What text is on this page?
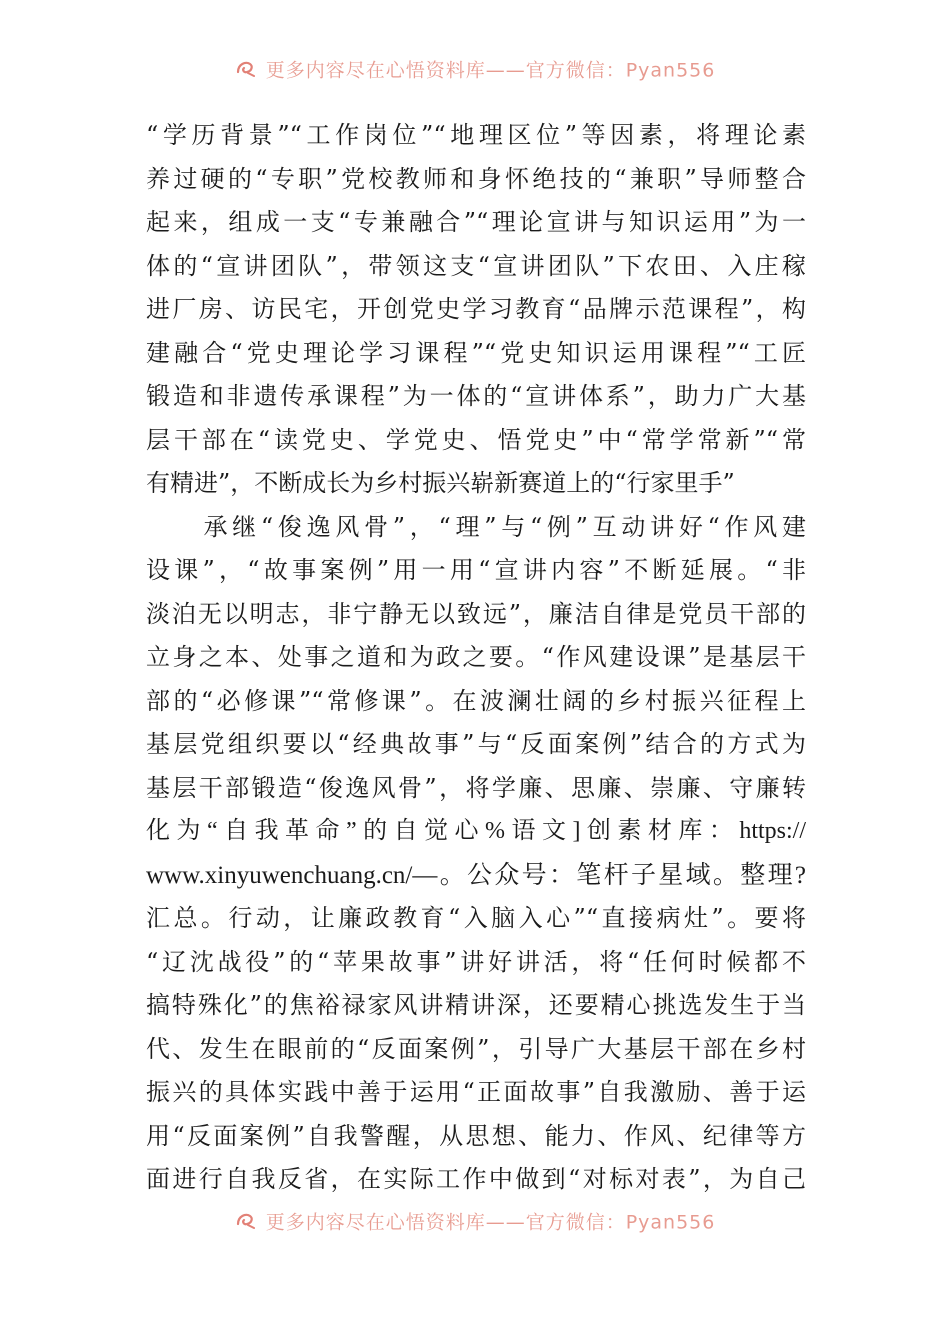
更多内容尽在心悟资料库——官方微信：Pyan556
“学历背景”“工作岗位”“地理区位”等因素，将理论素
养过硬的“专职”党校教师和身怀绝技的“兼职”导师整合
起来，组成一支“专兼融合”“理论宣讲与知识运用”为一
体的“宣讲团队”，带领这支“宣讲团队”下农田、入庄稼
进厂房、访民宅，开创党史学习教育“品牌示范课程”，构
建融合“党史理论学习课程”“党史知识运用课程”“工匠
锻造和非遗传承课程”为一体的“宣讲体系”，助力广大基
层干部在“读党史、学党史、悟党史”中“常学常新”“常
有精进”，不断成长为乡村振兴崭新赛道上的“行家里手”
　　承继“俊逸风骨”，“理”与“例”互动讲好“作风建
设课”，“故事案例”用一用“宣讲内容”不断延展。“非
淡泊无以明志，非宁静无以致远”，廉洁自律是党员干部的
立身之本、处事之道和为政之要。“作风建设课”是基层干
部的“必修课”“常修课”。在波澜壮阔的乡村振兴征程上
基层党组织要以“经典故事”与“反面案例”结合的方式为
基层干部锻造“俊逸风骨”，将学廉、思廉、崇廉、守廉转
化为“自我革命”的自觉心%语文]创素材库：https://
www.xinyuwenchuang.cn/—。公众号：笔杆子星域。整理?
汇总。行动，让廉政教育“入脑入心”“直接病灶”。要将
“辽沈战役”的“苹果故事”讲好讲活，将“任何时候都不
搞特殊化”的焦裕禄家风讲精讲深，还要精心挑选发生于当
代、发生在眼前的“反面案例”，引导广大基层干部在乡村
振兴的具体实践中善于运用“正面故事”自我激励、善于运
用“反面案例”自我警醒，从思想、能力、作风、纪律等方
面进行自我反省，在实际工作中做到“对标对表”，为自己
更多内容尽在心悟资料库——官方微信：Pyan556
